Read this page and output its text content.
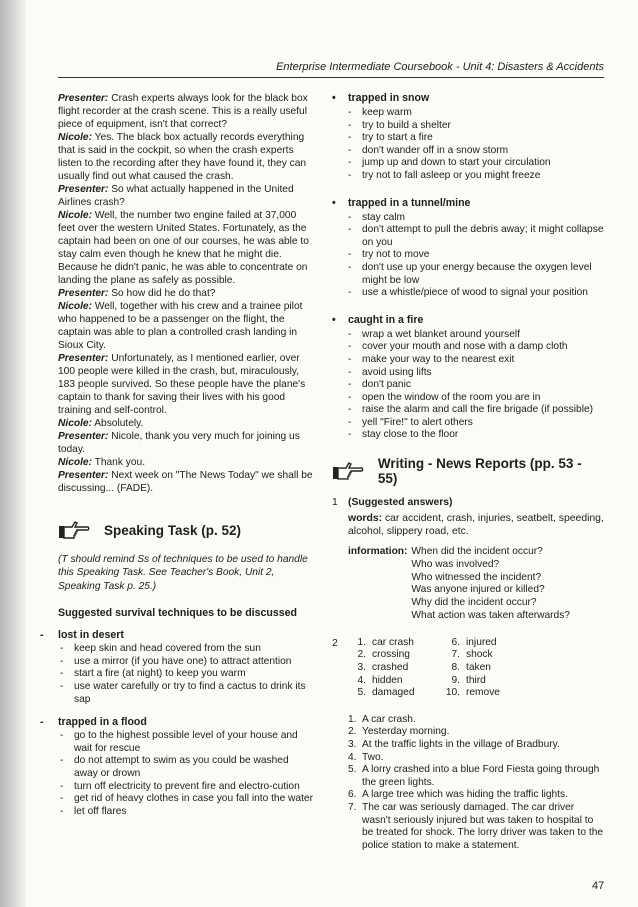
Enterprise Intermediate Coursebook - Unit 4: Disasters & Accidents

Presenter: Crash experts always look for the black box flight recorder at the crash scene. This is a really useful piece of equipment, isn't that correct?

Nicole: Yes. The black box actually records everything that is said in the cockpit, so when the crash experts listen to the recording after they have found it, they can usually find out what caused the crash.

Presenter: So what actually happened in the United Airlines crash?

Nicole: Well, the number two engine failed at 37,000 feet over the western United States. Fortunately, as the captain had been on one of our courses, he was able to stay calm even though he knew that he might die. Because he didn't panic, he was able to concentrate on landing the plane as safely as possible.

Presenter: So how did he do that?

Nicole: Well, together with his crew and a trainee pilot who happened to be a passenger on the flight, the captain was able to plan a controlled crash landing in Sioux City.

Presenter: Unfortunately, as I mentioned earlier, over 100 people were killed in the crash, but, miraculously, 183 people survived. So these people have the plane's captain to thank for saving their lives with his good training and self-control.

Nicole: Absolutely.

Presenter: Nicole, thank you very much for joining us today.

Nicole: Thank you.

Presenter: Next week on "The News Today" we shall be discussing... (FADE).

Speaking Task (p. 52)

(T should remind Ss of techniques to be used to handle this Speaking Task. See Teacher's Book, Unit 2, Speaking Task p. 25.)

Suggested survival techniques to be discussed

- lost in desert
- keep skin and head covered from the sun
- use a mirror (if you have one) to attract attention
- start a fire (at night) to keep you warm
- use water carefully or try to find a cactus to drink its sap
- trapped in a flood
- go to the highest possible level of your house and wait for rescue
- do not attempt to swim as you could be washed away or drown
- turn off electricity to prevent fire and electro-cution
- get rid of heavy clothes in case you fall into the water
- let off flares
• trapped in snow
- keep warm
- try to build a shelter
- try to start a fire
- don't wander off in a snow storm
- jump up and down to start your circulation
- try not to fall asleep or you might freeze
• trapped in a tunnel/mine
- stay calm
- don't attempt to pull the debris away; it might collapse on you
- try not to move
- don't use up your energy because the oxygen level might be low
- use a whistle/piece of wood to signal your position
• caught in a fire
- wrap a wet blanket around yourself
- cover your mouth and nose with a damp cloth
- make your way to the nearest exit
- avoid using lifts
- don't panic
- open the window of the room you are in
- raise the alarm and call the fire brigade (if possible)
- yell "Fire!" to alert others
- stay close to the floor
Writing - News Reports (pp. 53 - 55)
1 (Suggested answers)
words: car accident, crash, injuries, seatbelt, speeding, alcohol, slippery road, etc.
information: When did the incident occur?
Who was involved?
Who witnessed the incident?
Was anyone injured or killed?
Why did the incident occur?
What action was taken afterwards?
2	1. car crash	6. injured
2. crossing	7. shock
3. crashed	8. taken
4. hidden	9. third
5. damaged	10. remove
1. A car crash.
2. Yesterday morning.
3. At the traffic lights in the village of Bradbury.
4. Two.
5. A lorry crashed into a blue Ford Fiesta going through the green lights.
6. A large tree which was hiding the traffic lights.
7. The car was seriously damaged. The car driver wasn't seriously injured but was taken to hospital to be treated for shock. The lorry driver was taken to the police station to make a statement.
47
